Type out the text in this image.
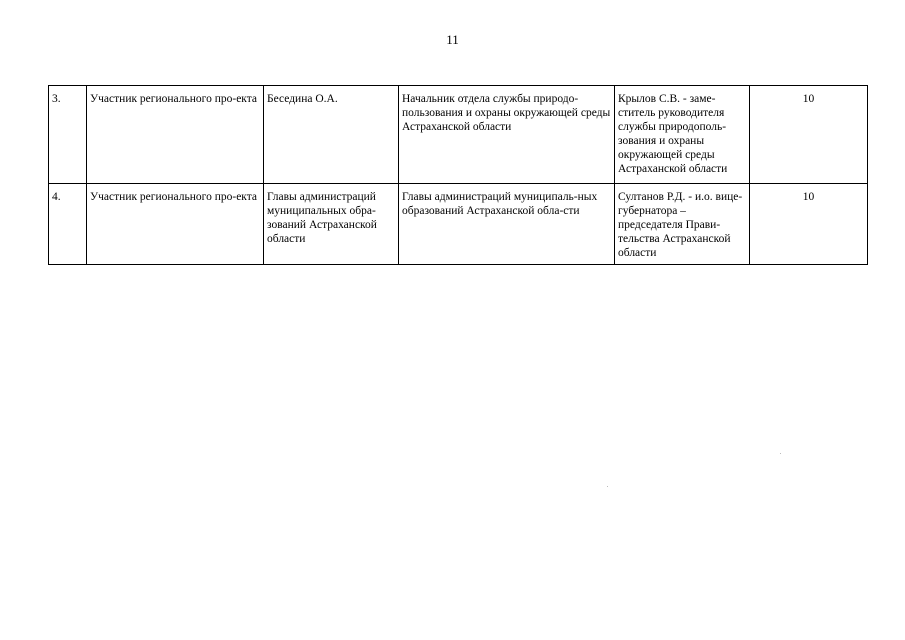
11
3.	Участник регионального про-екта	Беседина О.А.	Начальник отдела службы природо-пользования и охраны окружающей среды Астраханской области	Крылов С.В. - заме-ститель руководителя службы природополь-зования и охраны окружающей среды Астраханской области	10
4.	Участник регионального про-екта	Главы администраций муниципальных обра-зований Астраханской области	Главы администраций муниципаль-ных образований Астраханской обла-сти	Султанов Р.Д. - и.о. вице-губернатора – председателя Прави-тельства Астраханской области	10
